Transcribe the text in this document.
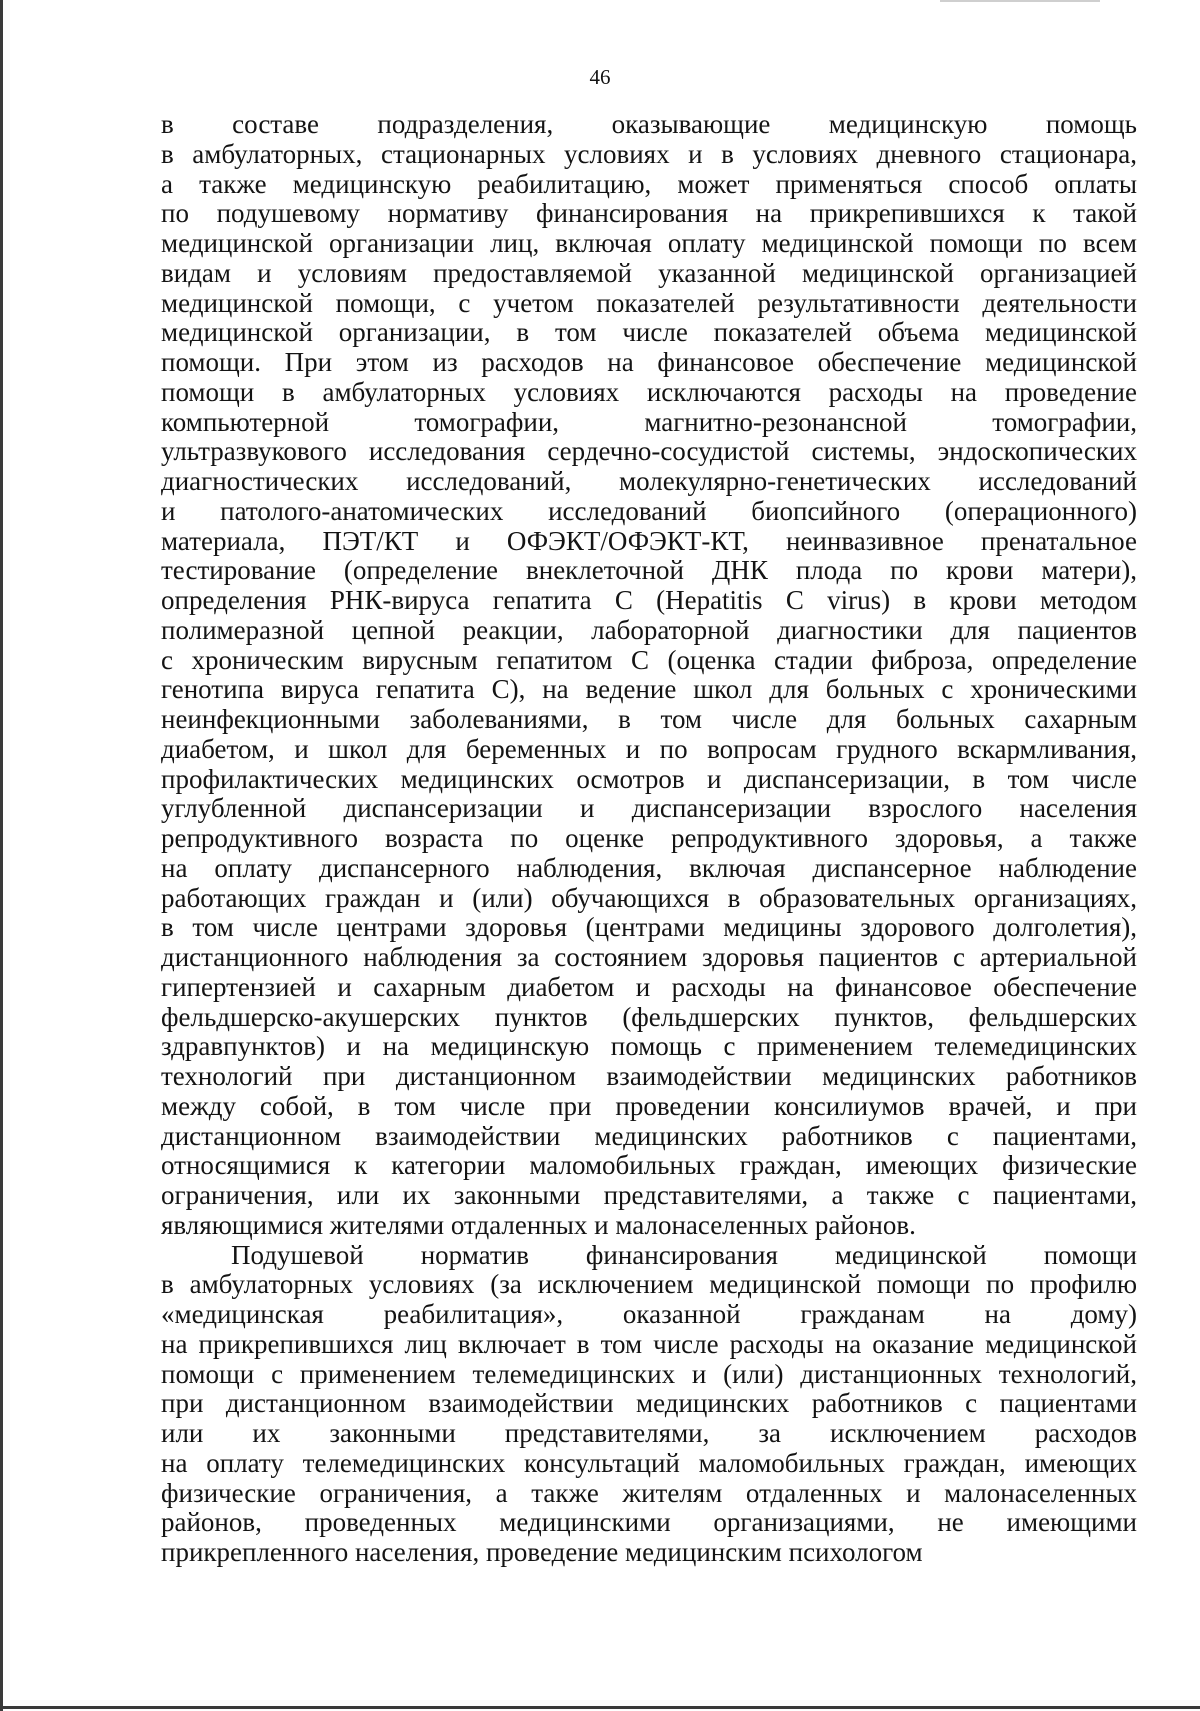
46
в составе подразделения, оказывающие медицинскую помощь
в амбулаторных, стационарных условиях и в условиях дневного стационара,
а также медицинскую реабилитацию, может применяться способ оплаты
по подушевому нормативу финансирования на прикрепившихся к такой
медицинской организации лиц, включая оплату медицинской помощи по всем
видам и условиям предоставляемой указанной медицинской организацией
медицинской помощи, с учетом показателей результативности деятельности
медицинской организации, в том числе показателей объема медицинской
помощи. При этом из расходов на финансовое обеспечение медицинской
помощи в амбулаторных условиях исключаются расходы на проведение
компьютерной томографии, магнитно-резонансной томографии,
ультразвукового исследования сердечно-сосудистой системы, эндоскопических
диагностических исследований, молекулярно-генетических исследований
и патолого-анатомических исследований биопсийного (операционного)
материала, ПЭТ/КТ и ОФЭКТ/ОФЭКТ-КТ, неинвазивное пренатальное
тестирование (определение внеклеточной ДНК плода по крови матери),
определения РНК-вируса гепатита С (Hepatitis C virus) в крови методом
полимеразной цепной реакции, лабораторной диагностики для пациентов
с хроническим вирусным гепатитом С (оценка стадии фиброза, определение
генотипа вируса гепатита С), на ведение школ для больных с хроническими
неинфекционными заболеваниями, в том числе для больных сахарным
диабетом, и школ для беременных и по вопросам грудного вскармливания,
профилактических медицинских осмотров и диспансеризации, в том числе
углубленной диспансеризации и диспансеризации взрослого населения
репродуктивного возраста по оценке репродуктивного здоровья, а также
на оплату диспансерного наблюдения, включая диспансерное наблюдение
работающих граждан и (или) обучающихся в образовательных организациях,
в том числе центрами здоровья (центрами медицины здорового долголетия),
дистанционного наблюдения за состоянием здоровья пациентов с артериальной
гипертензией и сахарным диабетом и расходы на финансовое обеспечение
фельдшерско-акушерских пунктов (фельдшерских пунктов, фельдшерских
здравпунктов) и на медицинскую помощь с применением телемедицинских
технологий при дистанционном взаимодействии медицинских работников
между собой, в том числе при проведении консилиумов врачей, и при
дистанционном взаимодействии медицинских работников с пациентами,
относящимися к категории маломобильных граждан, имеющих физические
ограничения, или их законными представителями, а также с пациентами,
являющимися жителями отдаленных и малонаселенных районов.
Подушевой норматив финансирования медицинской помощи
в амбулаторных условиях (за исключением медицинской помощи по профилю
«медицинская реабилитация», оказанной гражданам на дому)
на прикрепившихся лиц включает в том числе расходы на оказание медицинской
помощи с применением телемедицинских и (или) дистанционных технологий,
при дистанционном взаимодействии медицинских работников с пациентами
или их законными представителями, за исключением расходов
на оплату телемедицинских консультаций маломобильных граждан, имеющих
физические ограничения, а также жителям отдаленных и малонаселенных
районов, проведенных медицинскими организациями, не имеющими
прикрепленного населения, проведение медицинским психологом
